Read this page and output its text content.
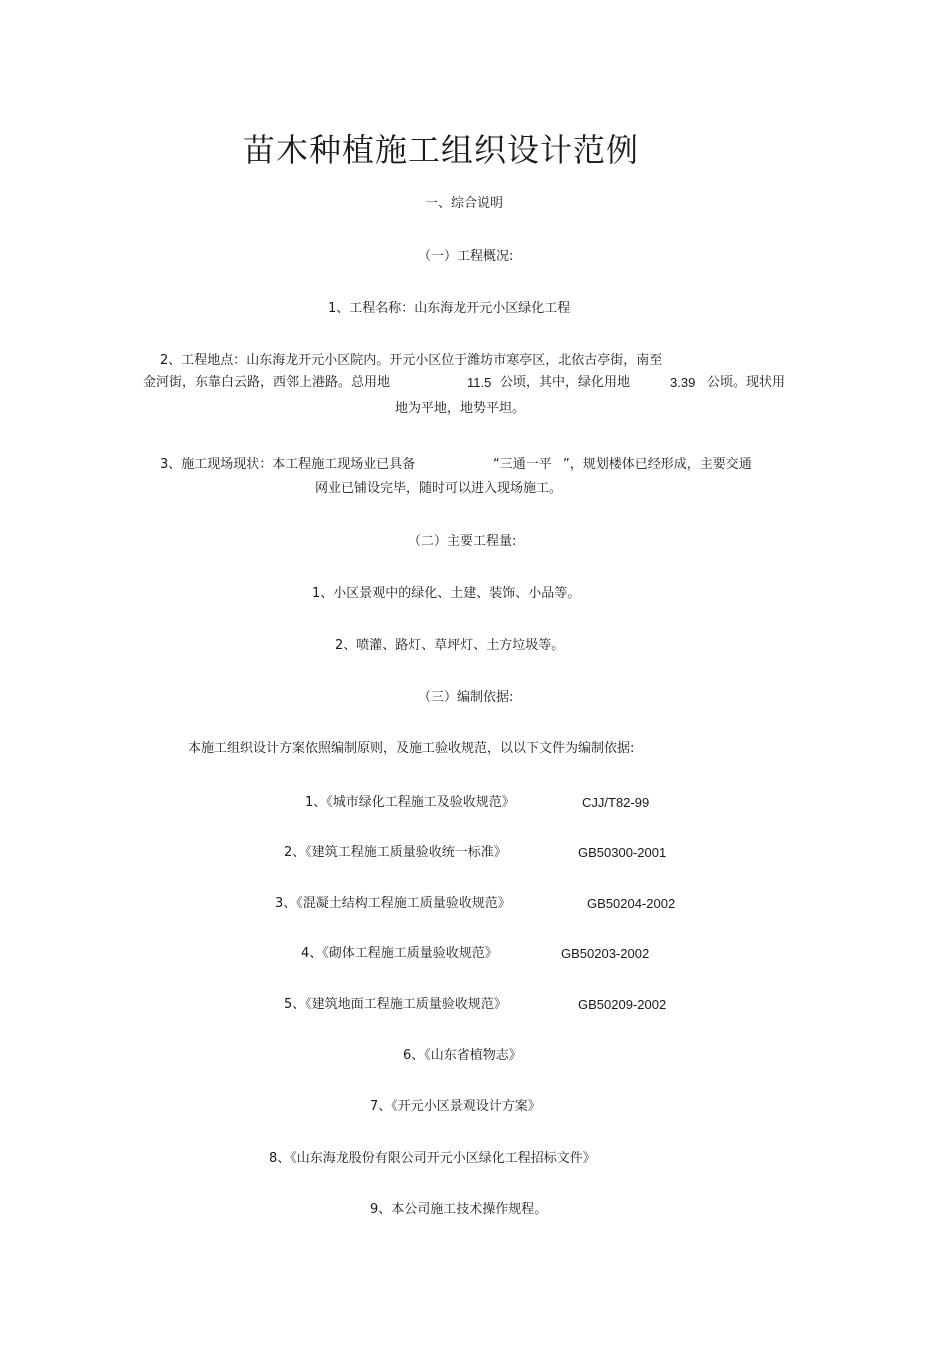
苗木种植施工组织设计范例
一、综合说明
（一）工程概况:
1、工程名称：山东海龙开元小区绿化工程
2、工程地点：山东海龙开元小区院内。开元小区位于潍坊市寒亭区，北依古亭街，南至
金河街，东靠白云路，西邻上港路。总用地	11.5 公顷，其中，绿化用地	3.39 公顷。现状用
地为平地，地势平坦。
3、施工现场现状：本工程施工现场业已具备	“三通一平 ”，规划楼体已经形成，主要交通
网业已铺设完毕，随时可以进入现场施工。
（二）主要工程量:
1、小区景观中的绿化、土建、装饰、小品等。
2、喷灌、路灯、草坪灯、土方垃圾等。
（三）编制依据:
本施工组织设计方案依照编制原则，及施工验收规范，以以下文件为编制依据:
1、《城市绿化工程施工及验收规范》	CJJ/T82-99
2、《建筑工程施工质量验收统一标准》	GB50300-2001
3、《混凝土结构工程施工质量验收规范》	GB50204-2002
4、《砌体工程施工质量验收规范》	GB50203-2002
5、《建筑地面工程施工质量验收规范》	GB50209-2002
6、《山东省植物志》
7、《开元小区景观设计方案》
8、《山东海龙股份有限公司开元小区绿化工程招标文件》
9、本公司施工技术操作规程。
